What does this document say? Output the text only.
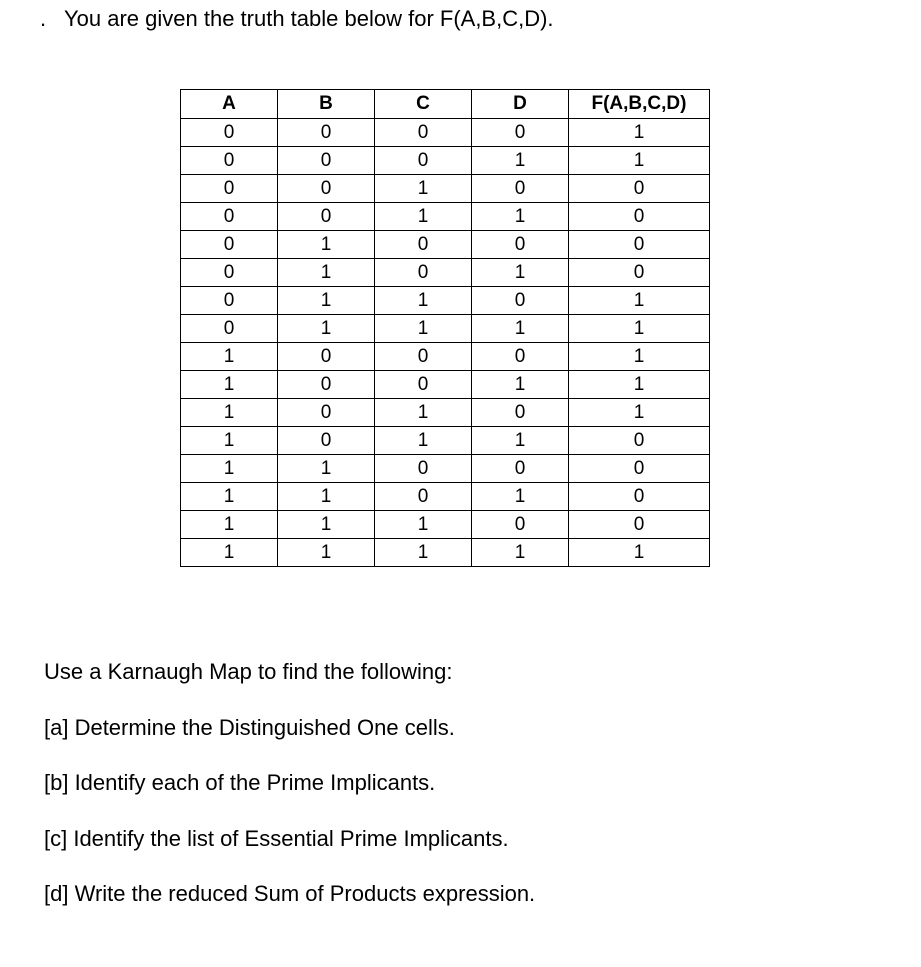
. You are given the truth table below for F(A,B,C,D).
A	B	C	D	F(A,B,C,D)
0	0	0	0	1
0	0	0	1	1
0	0	1	0	0
0	0	1	1	0
0	1	0	0	0
0	1	0	1	0
0	1	1	0	1
0	1	1	1	1
1	0	0	0	1
1	0	0	1	1
1	0	1	0	1
1	0	1	1	0
1	1	0	0	0
1	1	0	1	0
1	1	1	0	0
1	1	1	1	1

Use a Karnaugh Map to find the following:

[a] Determine the Distinguished One cells.

[b] Identify each of the Prime Implicants.

[c] Identify the list of Essential Prime Implicants.

[d] Write the reduced Sum of Products expression.
